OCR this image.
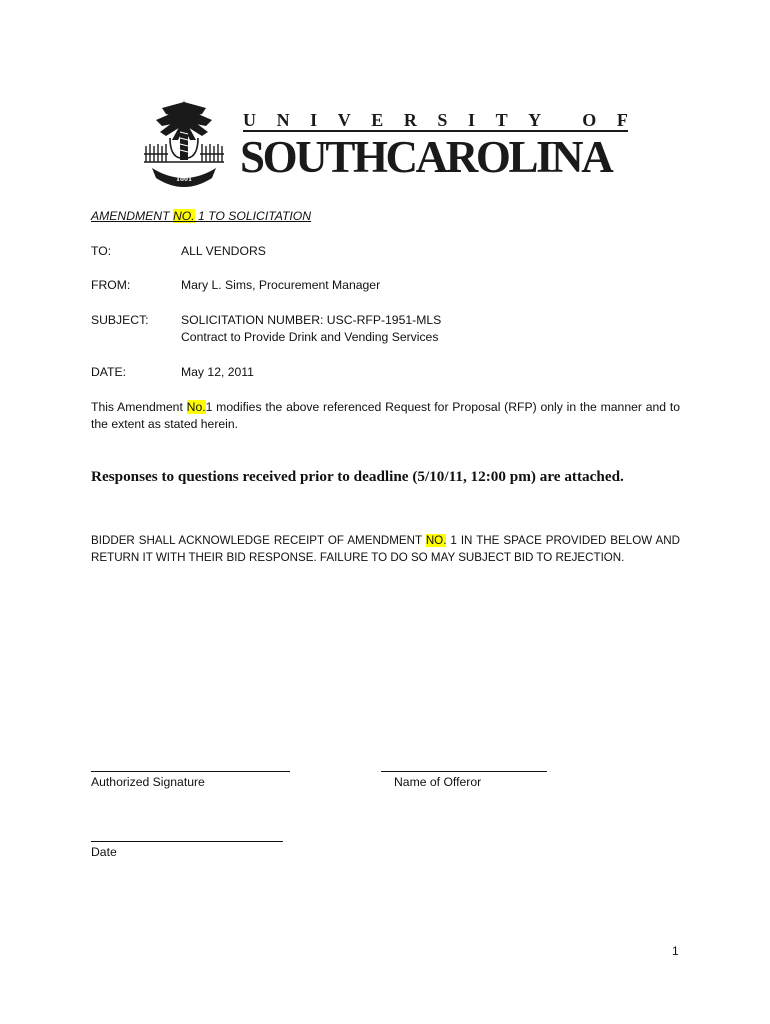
1801
U N I V E R S I T Y O F
SOUTHCAROLINA
AMENDMENT NO. 1 TO SOLICITATION
TO:	ALL VENDORS
FROM:	Mary L. Sims, Procurement Manager
SUBJECT:	SOLICITATION NUMBER: USC-RFP-1951-MLS
Contract to Provide Drink and Vending Services
DATE:	May 12, 2011
This Amendment No.1 modifies the above referenced Request for Proposal (RFP) only in the manner and to the extent as stated herein.
Responses to questions received prior to deadline (5/10/11, 12:00 pm) are attached.
BIDDER SHALL ACKNOWLEDGE RECEIPT OF AMENDMENT NO. 1 IN THE SPACE PROVIDED BELOW AND RETURN IT WITH THEIR BID RESPONSE. FAILURE TO DO SO MAY SUBJECT BID TO REJECTION.
Authorized Signature	Name of Offeror
Date
1
